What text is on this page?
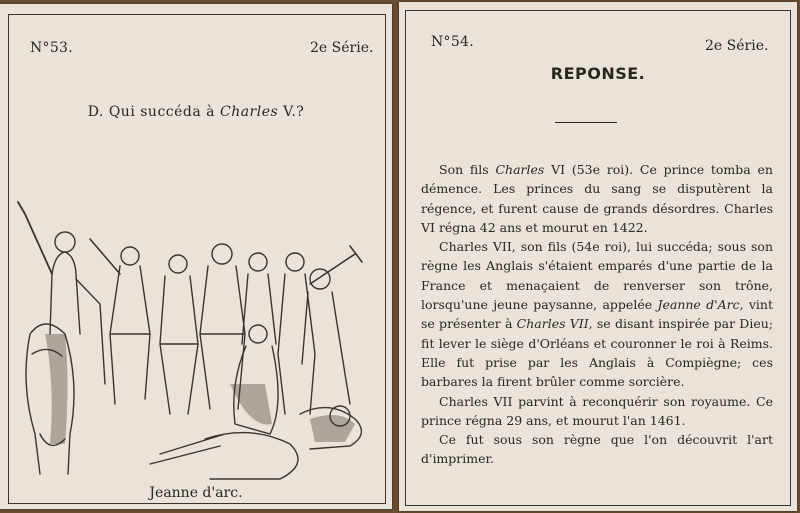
N°53.	2e Série.
D. Qui succéda à Charles V.?
Jeanne d'arc.
N°54.	2e Série.
REPONSE.

Son fils Charles VI (53e roi). Ce prince tomba en démence. Les princes du sang se disputèrent la régence, et furent cause de grands désordres. Charles VI régna 42 ans et mourut en 1422.

Charles VII, son fils (54e roi), lui succéda; sous son règne les Anglais s'étaient emparés d'une partie de la France et menaçaient de renverser son trône, lorsqu'une jeune paysanne, appelée Jeanne d'Arc, vint se présenter à Charles VII, se disant inspirée par Dieu; fit lever le siège d'Orléans et couronner le roi à Reims. Elle fut prise par les Anglais à Compiègne; ces barbares la firent brûler comme sorcière.

Charles VII parvint à reconquérir son royaume. Ce prince régna 29 ans, et mourut l'an 1461.

Ce fut sous son règne que l'on découvrit l'art d'imprimer.
